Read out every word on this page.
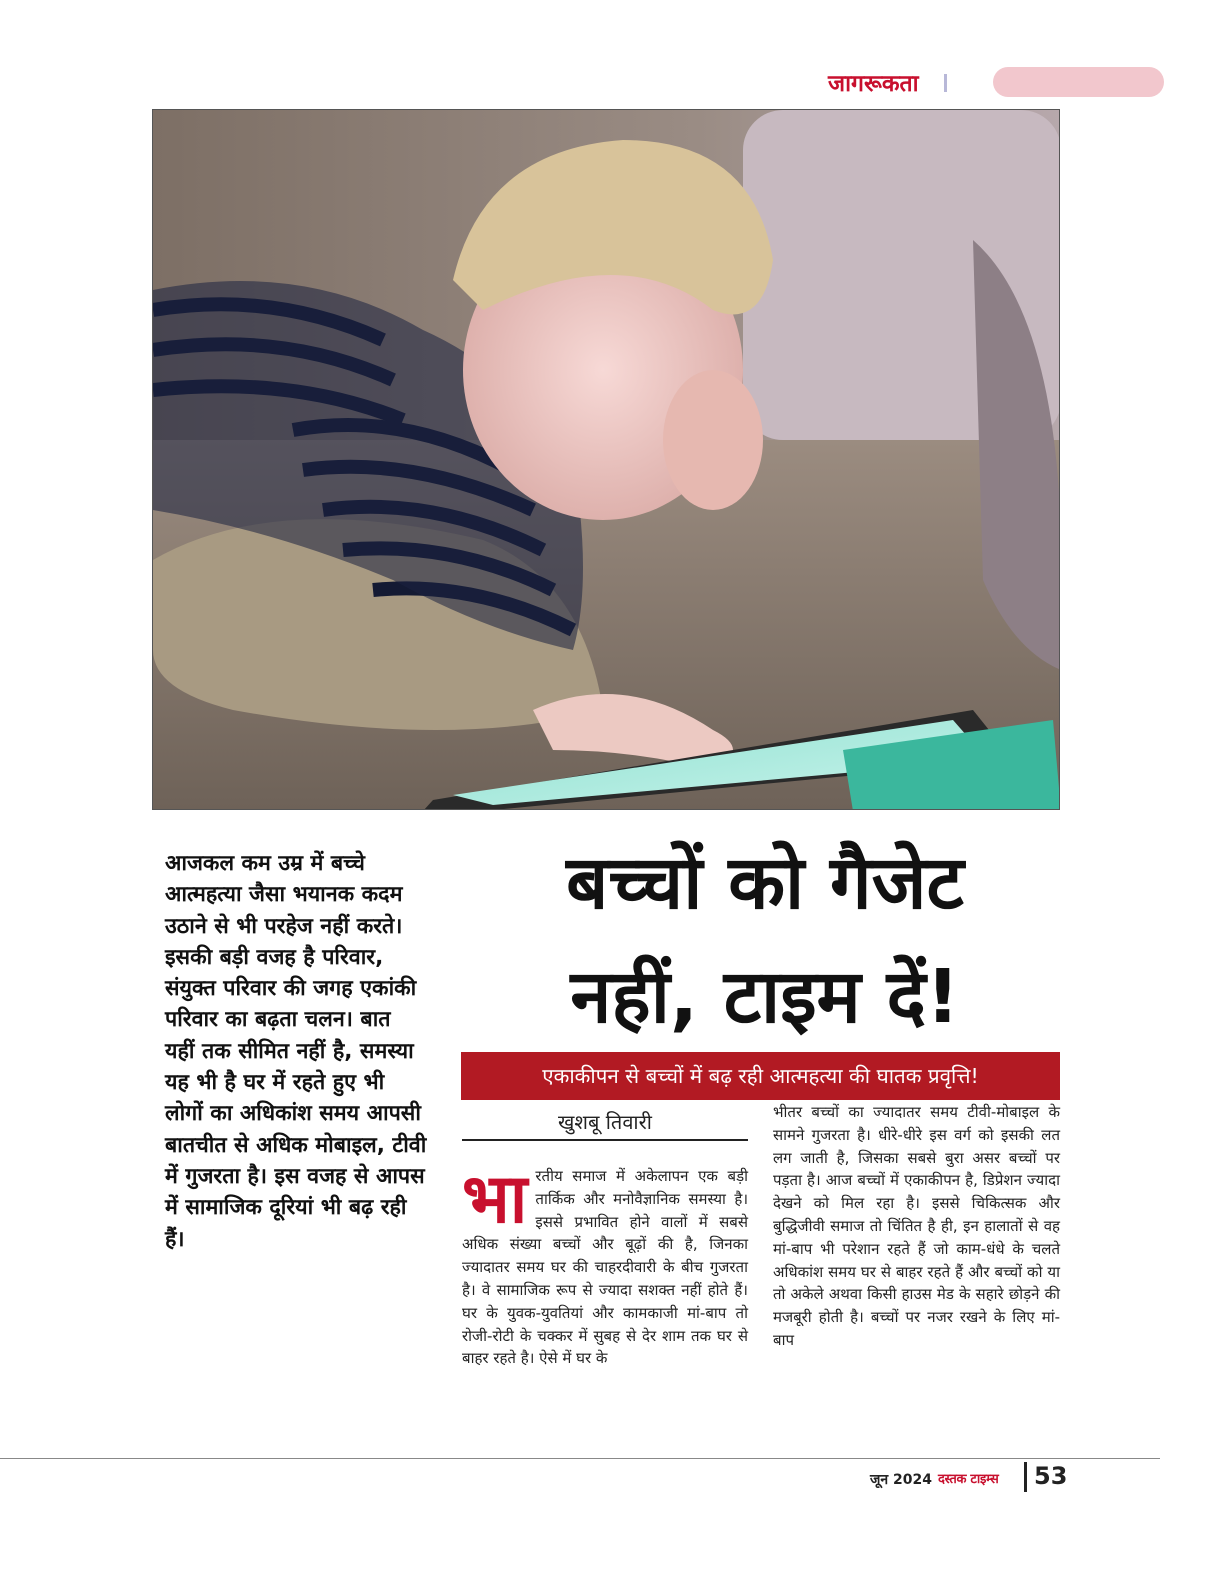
जागरूकता
आजकल कम उम्र में बच्चे आत्महत्या जैसा भयानक कदम उठाने से भी परहेज नहीं करते। इसकी बड़ी वजह है परिवार, संयुक्त परिवार की जगह एकांकी परिवार का बढ़ता चलन। बात यहीं तक सीमित नहीं है, समस्या यह भी है घर में रहते हुए भी लोगों का अधिकांश समय आपसी बातचीत से अधिक मोबाइल, टीवी में गुजरता है। इस वजह से आपस में सामाजिक दूरियां भी बढ़ रही हैं।
बच्चों को गैजेट
नहीं, टाइम दें!
एकाकीपन से बच्चों में बढ़ रही आत्महत्या की घातक प्रवृत्ति!
खुशबू तिवारी
भारतीय समाज में अकेलापन एक बड़ी तार्किक और मनोवैज्ञानिक समस्या है। इससे प्रभावित होने वालों में सबसे अधिक संख्या बच्चों और बूढ़ों की है, जिनका ज्यादातर समय घर की चाहरदीवारी के बीच गुजरता है। वे सामाजिक रूप से ज्यादा सशक्त नहीं होते हैं। घर के युवक-युवतियां और कामकाजी मां-बाप तो रोजी-रोटी के चक्कर में सुबह से देर शाम तक घर से बाहर रहते है। ऐसे में घर के
भीतर बच्चों का ज्यादातर समय टीवी-मोबाइल के सामने गुजरता है। धीरे-धीरे इस वर्ग को इसकी लत लग जाती है, जिसका सबसे बुरा असर बच्चों पर पड़ता है। आज बच्चों में एकाकीपन है, डिप्रेशन ज्यादा देखने को मिल रहा है। इससे चिकित्सक और बुद्धिजीवी समाज तो चिंतित है ही, इन हालातों से वह मां-बाप भी परेशान रहते हैं जो काम-धंधे के चलते अधिकांश समय घर से बाहर रहते हैं और बच्चों को या तो अकेले अथवा किसी हाउस मेड के सहारे छोड़ने की मजबूरी होती है। बच्चों पर नजर रखने के लिए मां-बाप
जून 2024 दस्तक टाइम्स 53
